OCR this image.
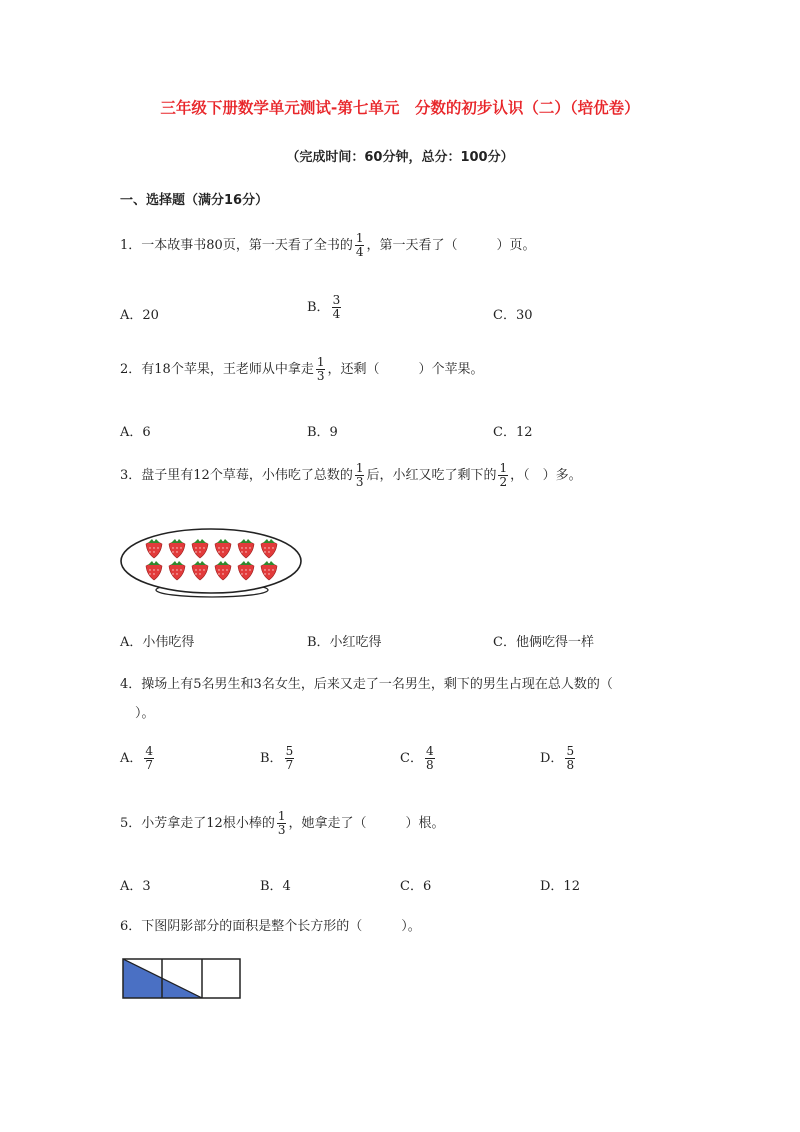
三年级下册数学单元测试-第七单元　分数的初步认识（二）（培优卷）
（完成时间：60分钟，总分：100分）
一、选择题（满分16分）
1．一本故事书80页，第一天看了全书的 $\frac{1}{4}$ ，第一天看了（　　　）页。
A．20
B． $\frac{3}{4}$	C．30
2．有18个苹果，王老师从中拿走 $\frac{1}{3}$ ，还剩（　　　）个苹果。
A．6	B．9	C．12
3．盘子里有12个草莓，小伟吃了总数的 $\frac{1}{3}$ 后，小红又吃了剩下的 $\frac{1}{2}$ ，（　）多。
A．小伟吃得	B．小红吃得	C．他俩吃得一样
4．操场上有5名男生和3名女生，后来又走了一名男生，剩下的男生占现在总人数的（
）。
A． $\frac{4}{7}$	B． $\frac{5}{7}$	C． $\frac{4}{8}$	D． $\frac{5}{8}$
5．小芳拿走了12根小棒的 $\frac{1}{3}$ ，她拿走了（　　　）根。
A．3	B．4	C．6	D．12
6．下图阴影部分的面积是整个长方形的（　　　）。
